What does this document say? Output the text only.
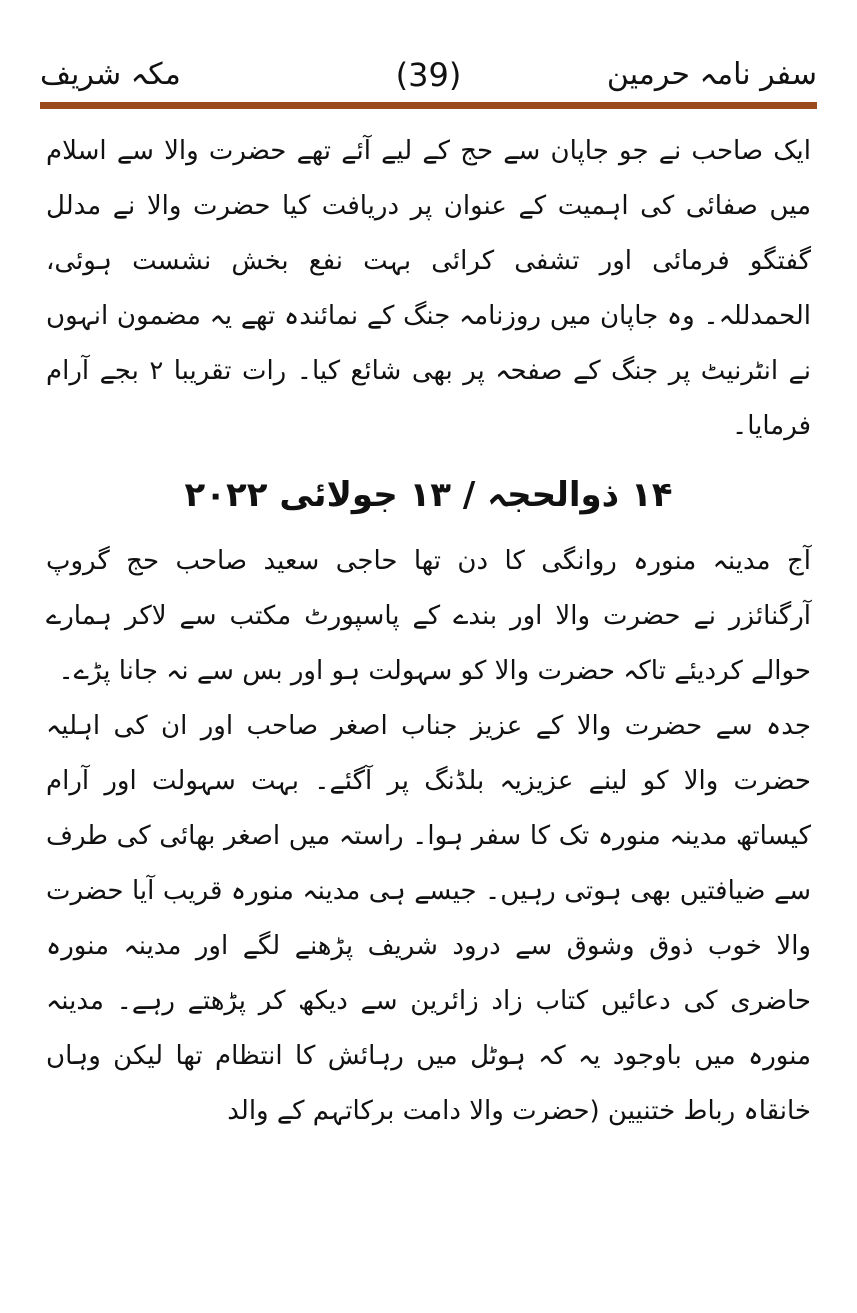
سفر نامہ حرمین
(39)
مکہ شریف

ایک صاحب نے جو جاپان سے حج کے لیے آئے تھے حضرت والا سے اسلام میں صفائی کی اہمیت کے عنوان پر دریافت کیا حضرت والا نے مدلل گفتگو فرمائی اور تشفی کرائی بہت نفع بخش نشست ہوئی، الحمدللہ۔ وہ جاپان میں روزنامہ جنگ کے نمائندہ تھے یہ مضمون انہوں نے انٹرنیٹ پر جنگ کے صفحہ پر بھی شائع کیا۔ رات تقریبا ۲ بجے آرام فرمایا۔

۱۴ ذوالحجہ / ۱۳ جولائی ۲۰۲۲

آج مدینہ منورہ روانگی کا دن تھا حاجی سعید صاحب حج گروپ آرگنائزر نے حضرت والا اور بندے کے پاسپورٹ مکتب سے لاکر ہمارے حوالے کردیئے تاکہ حضرت والا کو سہولت ہو اور بس سے نہ جانا پڑے۔

جدہ سے حضرت والا کے عزیز جناب اصغر صاحب اور ان کی اہلیہ حضرت والا کو لینے عزیزیہ بلڈنگ پر آگئے۔ بہت سہولت اور آرام کیساتھ مدینہ منورہ تک کا سفر ہوا۔ راستہ میں اصغر بھائی کی طرف سے ضیافتیں بھی ہوتی رہیں۔ جیسے ہی مدینہ منورہ قریب آیا حضرت والا خوب ذوق وشوق سے درود شریف پڑھنے لگے اور مدینہ منورہ حاضری کی دعائیں کتاب زاد زائرین سے دیکھ کر پڑھتے رہے۔ مدینہ منورہ میں باوجود یہ کہ ہوٹل میں رہائش کا انتظام تھا لیکن وہاں خانقاہ رباط ختنیین (حضرت والا دامت برکاتہم کے والد
